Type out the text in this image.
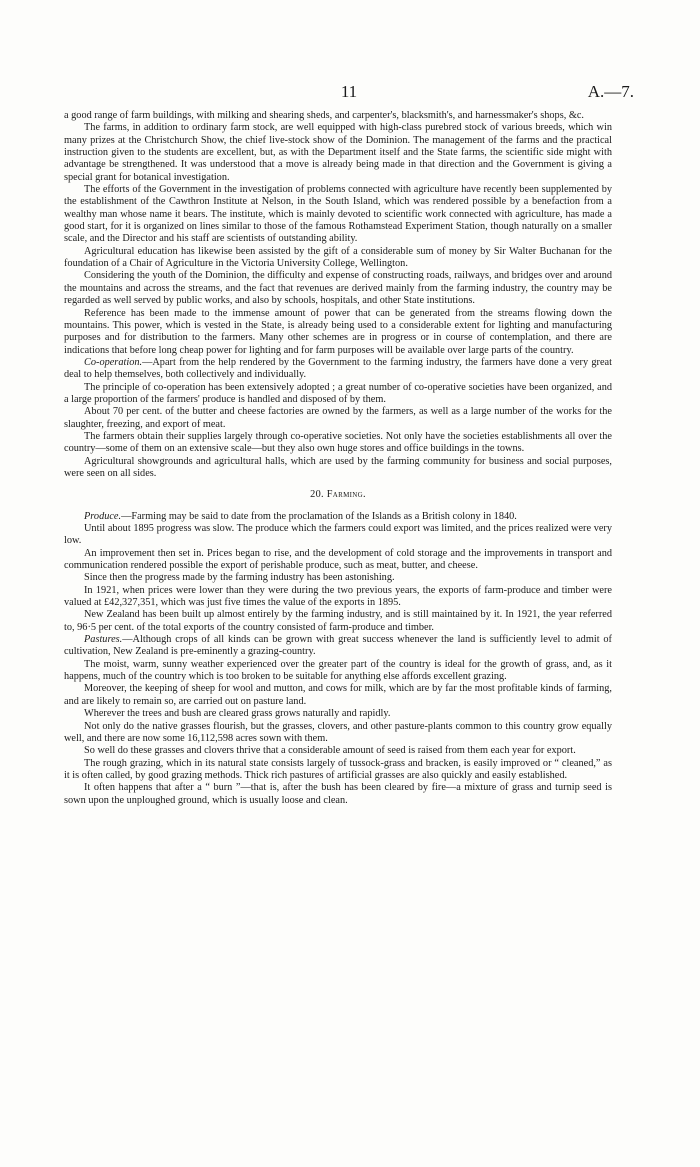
11	A.—7.

a good range of farm buildings, with milking and shearing sheds, and carpenter's, blacksmith's, and harnessmaker's shops, &c.

The farms, in addition to ordinary farm stock, are well equipped with high-class purebred stock of various breeds, which win many prizes at the Christchurch Show, the chief live-stock show of the Dominion. The management of the farms and the practical instruction given to the students are excellent, but, as with the Department itself and the State farms, the scientific side might with advantage be strengthened. It was understood that a move is already being made in that direction and the Government is giving a special grant for botanical investigation.

The efforts of the Government in the investigation of problems connected with agriculture have recently been supplemented by the establishment of the Cawthron Institute at Nelson, in the South Island, which was rendered possible by a benefaction from a wealthy man whose name it bears. The institute, which is mainly devoted to scientific work connected with agriculture, has made a good start, for it is organized on lines similar to those of the famous Rothamstead Experiment Station, though naturally on a smaller scale, and the Director and his staff are scientists of outstanding ability.

Agricultural education has likewise been assisted by the gift of a considerable sum of money by Sir Walter Buchanan for the foundation of a Chair of Agriculture in the Victoria University College, Wellington.

Considering the youth of the Dominion, the difficulty and expense of constructing roads, railways, and bridges over and around the mountains and across the streams, and the fact that revenues are derived mainly from the farming industry, the country may be regarded as well served by public works, and also by schools, hospitals, and other State institutions.

Reference has been made to the immense amount of power that can be generated from the streams flowing down the mountains. This power, which is vested in the State, is already being used to a considerable extent for lighting and manufacturing purposes and for distribution to the farmers. Many other schemes are in progress or in course of contemplation, and there are indications that before long cheap power for lighting and for farm purposes will be available over large parts of the country.

Co-operation.—Apart from the help rendered by the Government to the farming industry, the farmers have done a very great deal to help themselves, both collectively and individually.

The principle of co-operation has been extensively adopted ; a great number of co-operative societies have been organized, and a large proportion of the farmers' produce is handled and disposed of by them.

About 70 per cent. of the butter and cheese factories are owned by the farmers, as well as a large number of the works for the slaughter, freezing, and export of meat.

The farmers obtain their supplies largely through co-operative societies. Not only have the societies establishments all over the country—some of them on an extensive scale—but they also own huge stores and office buildings in the towns.

Agricultural showgrounds and agricultural halls, which are used by the farming community for business and social purposes, were seen on all sides.

20. Farming.

Produce.—Farming may be said to date from the proclamation of the Islands as a British colony in 1840.

Until about 1895 progress was slow. The produce which the farmers could export was limited, and the prices realized were very low.

An improvement then set in. Prices began to rise, and the development of cold storage and the improvements in transport and communication rendered possible the export of perishable produce, such as meat, butter, and cheese.

Since then the progress made by the farming industry has been astonishing.

In 1921, when prices were lower than they were during the two previous years, the exports of farm-produce and timber were valued at £42,327,351, which was just five times the value of the exports in 1895.

New Zealand has been built up almost entirely by the farming industry, and is still maintained by it. In 1921, the year referred to, 96·5 per cent. of the total exports of the country consisted of farm-produce and timber.

Pastures.—Although crops of all kinds can be grown with great success whenever the land is sufficiently level to admit of cultivation, New Zealand is pre-eminently a grazing-country.

The moist, warm, sunny weather experienced over the greater part of the country is ideal for the growth of grass, and, as it happens, much of the country which is too broken to be suitable for anything else affords excellent grazing.

Moreover, the keeping of sheep for wool and mutton, and cows for milk, which are by far the most profitable kinds of farming, and are likely to remain so, are carried out on pasture land.

Wherever the trees and bush are cleared grass grows naturally and rapidly.

Not only do the native grasses flourish, but the grasses, clovers, and other pasture-plants common to this country grow equally well, and there are now some 16,112,598 acres sown with them.

So well do these grasses and clovers thrive that a considerable amount of seed is raised from them each year for export.

The rough grazing, which in its natural state consists largely of tussock-grass and bracken, is easily improved or “ cleaned,” as it is often called, by good grazing methods. Thick rich pastures of artificial grasses are also quickly and easily established.

It often happens that after a “ burn ”—that is, after the bush has been cleared by fire—a mixture of grass and turnip seed is sown upon the unploughed ground, which is usually loose and clean.
